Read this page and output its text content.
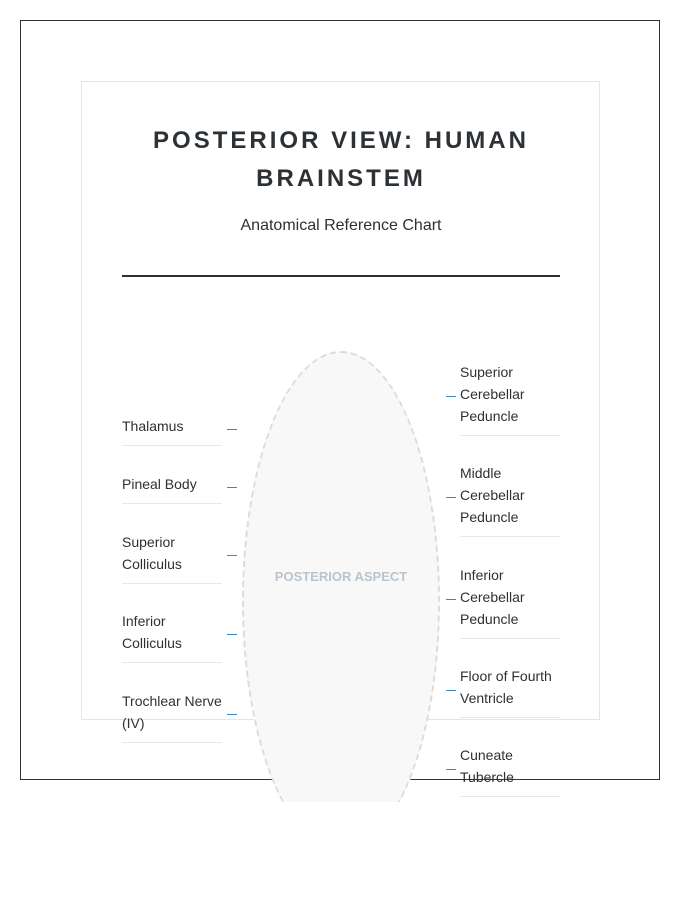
POSTERIOR VIEW: HUMAN BRAINSTEM
Anatomical Reference Chart
POSTERIOR ASPECT
Thalamus
Pineal Body
Superior Colliculus
Inferior Colliculus
Trochlear Nerve (IV)
Superior Cerebellar Peduncle
Middle Cerebellar Peduncle
Inferior Cerebellar Peduncle
Floor of Fourth Ventricle
Cuneate Tubercle
